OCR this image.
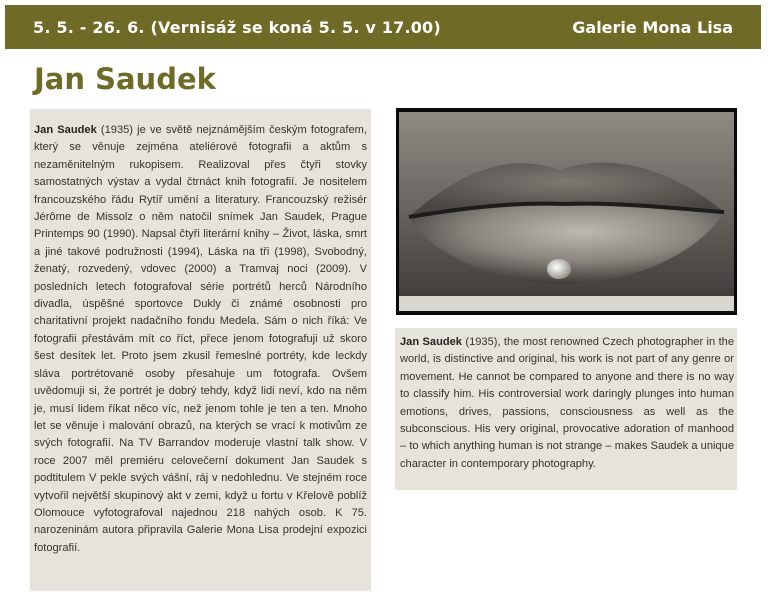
5. 5. - 26. 6. (Vernisáž se koná 5. 5. v 17.00)	Galerie Mona Lisa
Jan Saudek
Jan Saudek (1935) je ve světě nejznámějším českým fotografem, který se věnuje zejména ateliérové fotografii a aktům s nezaměnitelným rukopisem. Realizoval přes čtyři stovky samostatných výstav a vydal čtrnáct knih fotografií. Je nositelem francouzského řádu Rytíř umění a literatury. Francouzský režisér Jérôme de Missolz o něm natočil snímek Jan Saudek, Prague Printemps 90 (1990). Napsal čtyři literární knihy – Život, láska, smrt a jiné takové podružnosti (1994), Láska na tři (1998), Svobodný, ženatý, rozvedený, vdovec (2000) a Tramvaj noci (2009). V posledních letech fotografoval série portrétů herců Národního divadla, úspěšné sportovce Dukly či známé osobnosti pro charitativní projekt nadačního fondu Medela. Sám o nich říká: Ve fotografii přestávám mít co říct, přece jenom fotografuji už skoro šest desítek let. Proto jsem zkusil řemeslné portréty, kde leckdy sláva portrétované osoby přesahuje um fotografa. Ovšem uvědomuji si, že portrét je dobrý tehdy, když lidi neví, kdo na něm je, musí lidem říkat něco víc, než jenom tohle je ten a ten. Mnoho let se věnuje i malování obrazů, na kterých se vrací k motivům ze svých fotografií. Na TV Barrandov moderuje vlastní talk show. V roce 2007 měl premiéru celovečerní dokument Jan Saudek s podtitulem V pekle svých vášní, ráj v nedohlednu. Ve stejném roce vytvořil největší skupinový akt v zemi, když u fortu v Křelově poblíž Olomouce vyfotografoval najednou 218 nahých osob. K 75. narozeninám autora připravila Galerie Mona Lisa prodejní expozici fotografií.
Jan Saudek (1935), the most renowned Czech photographer in the world, is distinctive and original, his work is not part of any genre or movement. He cannot be compared to anyone and there is no way to classify him. His controversial work daringly plunges into human emotions, drives, passions, consciousness as well as the subconscious. His very original, provocative adoration of manhood – to which anything human is not strange – makes Saudek a unique character in contemporary photography.
